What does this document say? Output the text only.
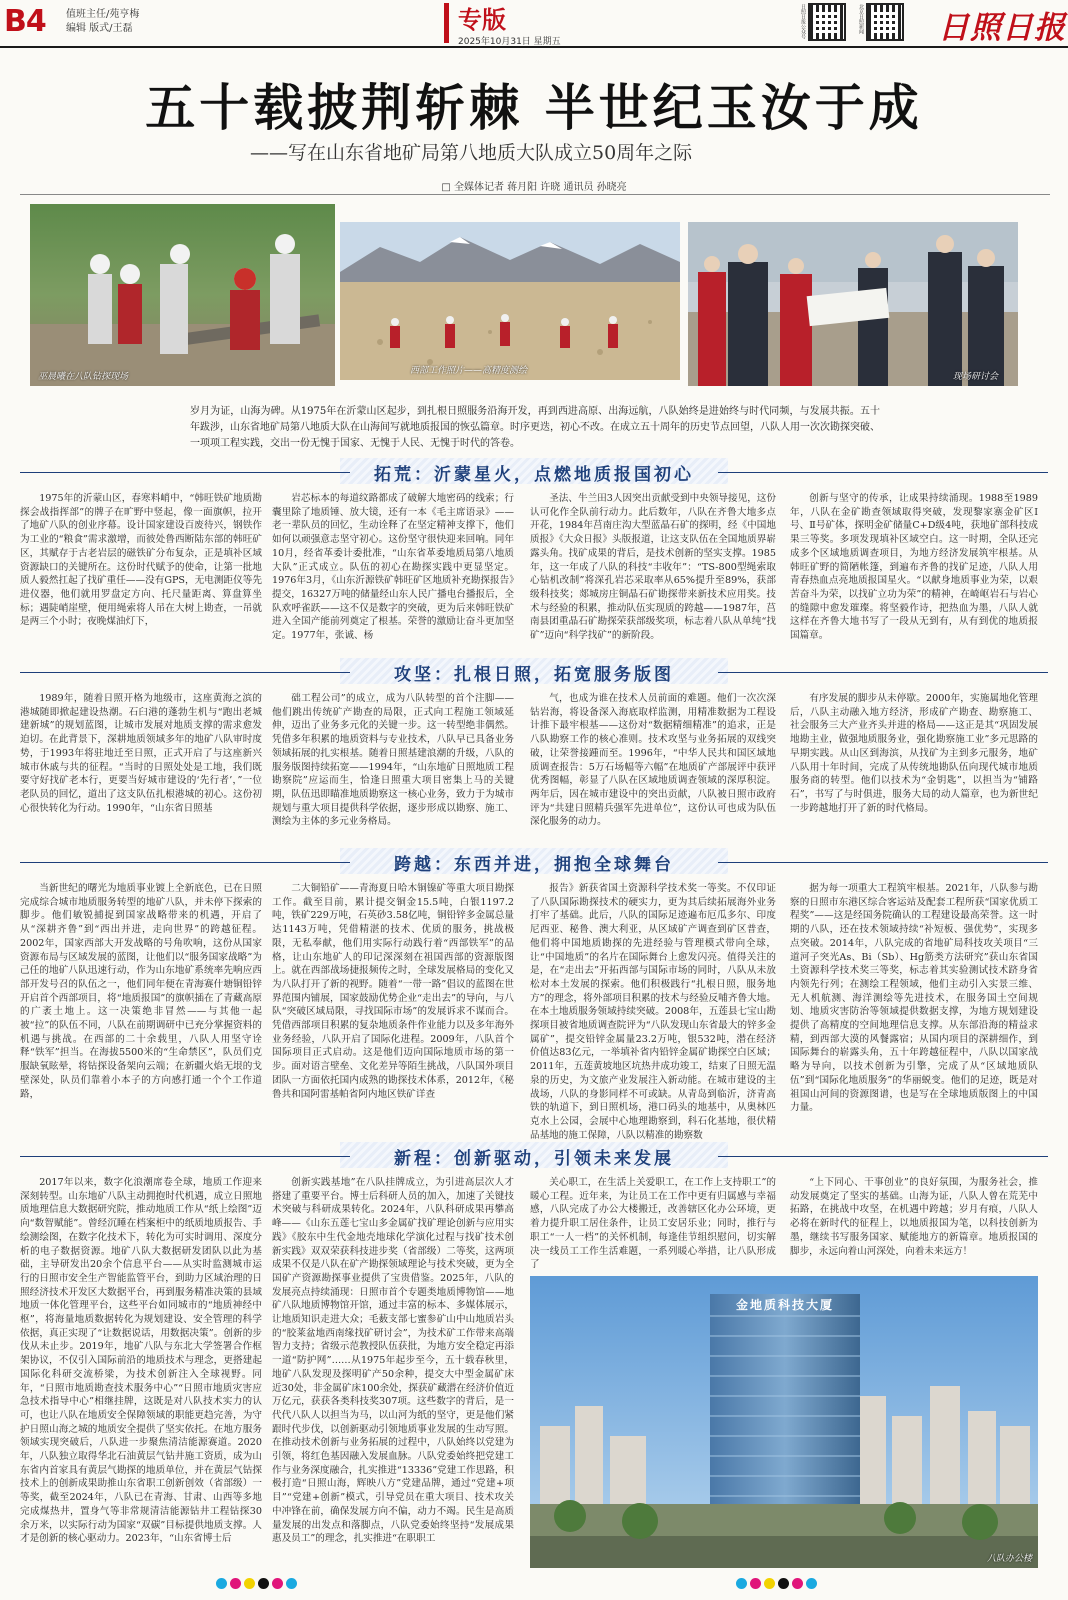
B4 值班主任/苑亨梅
编辑 版式/王磊	专版
2025年10月31日 星期五
日照日报公众号	北京日照新闻 日照日报
五十载披荆斩棘 半世纪玉汝于成
——写在山东省地矿局第八地质大队成立50周年之际
□ 全媒体记者 蒋月阳 许晓 通讯员 孙晓亮
巫晨曦在八队钻探现场
西部工作照片——高精度测绘
现场研讨会
岁月为证，山海为碑。从1975年在沂蒙山区起步，到扎根日照服务沿海开发，再到西进高原、出海远航，八队始终是进始终与时代同频，与发展共振。五十年跋涉，山东省地矿局第八地质大队在山海间写就地质报国的恢弘篇章。时序更迭，初心不改。在成立五十周年的历史节点回望，八队人用一次次勘探突破、一项项工程实践，交出一份无愧于国家、无愧于人民、无愧于时代的答卷。
拓荒：沂蒙星火，点燃地质报国初心

1975年的沂蒙山区，春寒料峭中，“韩旺铁矿地质勘探会战指挥部”的牌子在旷野中竖起，像一面旗帜，拉开了地矿八队的创业序幕。设计国家建设百废待兴，钢铁作为工业的“粮食”需求激增，而彼处鲁西断陆东部的韩旺矿区，其赋存于古老岩层的磁铁矿分布复杂，正是填补区域资源缺口的关键所在。这份时代赋予的使命，让第一批地质人毅然扛起了找矿重任——没有GPS，无电测距仪等先进仪器，他们就用罗盘定方向、托尺量距离、算盘算坐标；遇陡峭崖壁，便用绳索将人吊在大树上勘查，一吊就是两三个小时；夜晚煤油灯下，

岩芯标本的每道纹路都成了破解大地密码的线索；行囊里除了地质锤、放大镜，还有一本《毛主席语录》——老一辈队员的回忆，生动诠释了在坚定精神支撑下，他们如何以顽强意志坚守初心。这份坚守很快迎来回响。同年10月，经省革委计委批准，“山东省革委地质局第八地质大队”正式成立。队伍的初心在勘探实践中更显坚定。1976年3月，《山东沂源铁矿韩旺矿区地质补充勘探报告》提交，16327万吨的储量经山东人民广播电台播报后，全队欢呼雀跃——这不仅是数字的突破，更为后来韩旺铁矿进入全国产能前列奠定了根基。荣誉的激励让奋斗更加坚定。1977年，张诚、杨

圣法、牛兰田3人因突出贡献受到中央领导接见，这份认可化作全队前行动力。此后数年，八队在齐鲁大地多点开花，1984年莒南庄沟大型蓝晶石矿的探明，经《中国地质报》《大众日报》头版报道，让这支队伍在全国地质界崭露头角。找矿成果的背后，是技术创新的坚实支撑。1985年，这一年成了八队的科技“丰收年”：“TS-800型绳索取心钻机改制”将深孔岩芯采取率从65%提升至89%，获部级科技奖；郯城房庄铜晶石矿勘探带来新技术应用奖。技术与经验的积累，推动队伍实现质的跨越——1987年，莒南县团重晶石矿勘探荣获部级奖项，标志着八队从单纯“找矿”迈向“科学找矿”的新阶段。

创新与坚守的传承，让成果持续涌现。1988至1989年，八队在金矿勘查领域取得突破，发现黎家寨金矿区Ⅰ号、Ⅱ号矿体，探明金矿储量C+D级4吨，获地矿部科技成果三等奖。多项发现填补区域空白。这一时期，全队还完成多个区域地质调查项目，为地方经济发展筑牢根基。从韩旺矿野的简陋帐篷，到遍布齐鲁的找矿足迹，八队人用青春热血点亮地质报国星火。“以献身地质事业为荣，以艰苦奋斗为荣，以找矿立功为荣”的精神，在崎岖岩石与岩心的缝隙中愈发璀璨。将坚毅作诗，把热血为墨，八队人就这样在齐鲁大地书写了一段从无到有，从有到优的地质报国篇章。

攻坚：扎根日照，拓宽服务版图

1989年，随着日照开格为地级市，这座黄海之滨的港城随即掀起建设热潮。石臼港的蓬勃生机与“跑出老城建新城”的规划蓝图，让城市发展对地质支撑的需求愈发迫切。在此背景下，深耕地质领域多年的地矿八队审时度势，于1993年将驻地迁至日照，正式开启了与这座新兴城市休戚与共的征程。“当时的日照处处是工地，我们既要守好找矿老本行，更要当好城市建设的‘先行者’，”一位老队员的回忆，道出了这支队伍扎根港城的初心。这份初心很快转化为行动。1990年，“山东省日照基

础工程公司”的成立，成为八队转型的首个注脚——他们跳出传统矿产勘查的局限，正式向工程施工领域延伸，迈出了业务多元化的关键一步。这一转型绝非偶然。凭借多年积累的地质资料与专业技术，八队早已具备业务领域拓展的扎实根基。随着日照基建浪潮的升级，八队的服务版图持续拓宽——1994年，“山东地矿日照地质工程勘察院”应运而生，恰逢日照重大项目密集上马的关键期，队伍迅即瞄准地质勘察这一核心业务，致力于为城市规划与重大项目提供科学依据，逐步形成以勘察、施工、测绘为主体的多元业务格局。

气，也成为谁在技术人员前面的难题。他们一次次深钻岩海，将设备深入海底取样监测，用精准数据为工程设计推下最牢根基——这份对“数据精细精准”的追求，正是八队勘察工作的核心准则。技术攻坚与业务拓展的双线突破，让荣誉接踵而至。1996年，“中华人民共和国区域地质调查报告：5万石场幅等六幅”在地质矿产部展评中获评优秀图幅，彰显了八队在区域地质调查领域的深厚积淀。两年后，因在城市建设中的突出贡献，八队被日照市政府评为“共建日照精兵强军先进单位”，这份认可也成为队伍深化服务的动力。

有序发展的脚步从未停歇。2000年，实施属地化管理后，八队主动融入地方经济，形成矿产勘查、勘察施工、社会服务三大产业齐头并进的格局——这正是其“巩固发展地勘主业，做强地质服务业，强化勘察施工业”多元思路的早期实践。从山区到海滨，从找矿为主到多元服务，地矿八队用十年时间，完成了从传统地勘队伍向现代城市地质服务商的转型。他们以技术为“金钥匙”，以担当为“铺路石”，书写了与时俱进，服务大局的动人篇章，也为新世纪一步跨越地打开了新的时代格局。

跨越：东西并进，拥抱全球舞台

当新世纪的曙光为地质事业镀上全新底色，已在日照完成综合城市地质服务转型的地矿八队，并未停下探索的脚步。他们敏锐捕捉到国家战略带来的机遇，开启了从“深耕齐鲁”到“西出并进，走向世界”的跨越征程。2002年，国家西部大开发战略的号角吹响，这份从国家资源布局与区域发展的蓝图，让他们以“服务国家战略”为己任的地矿八队迅速行动，作为山东地矿系统率先响应西部开发号召的队伍之一，他们同年便在青海赛什塘铜铅锌开启首个西部项目，将“地质报国”的旗帜插在了青藏高原的广袤土地上。这一决策绝非冒然——与其他一起被“拉”的队伍不同，八队在前期调研中已充分掌握资料的机遇与挑战。在西部的二十余载里，八队人用坚守诠释“铁军”担当。在海拔5500米的“生命禁区”，队员们克服缺氧眩晕，将钻探设备架向云端；在新疆火焰无垠的戈壁深处，队员们靠着小本子的方向感打通一个个工作道路，

二大铜铅矿——青海夏日哈木铜镍矿等重大项目勘探工作。截至目前，累计提交铜金15.5吨，白银1197.2吨，铁矿229万吨，石英砂3.58亿吨，铜铅锌多金属总量达1143万吨，凭借精湛的技术、优质的服务，挑战极限，无私奉献，他们用实际行动践行着“西部铁军”的品格，让山东地矿人的印记深深刻在祖国西部的资源版图上。就在西部战场捷报频传之时，全球发展格局的变化又为八队打开了新的视野。随着“一带一路”倡议的蓝图在世界范围内铺展，国家鼓励优势企业“走出去”的导向，与八队“突破区域局限，寻找国际市场”的发展诉求不谋而合。凭借西部项目积累的复杂地质条件作业能力以及多年海外业务经验，八队开启了国际化进程。2009年，八队首个国际项目正式启动。这是他们迈向国际地质市场的第一步。面对语言壁垒、文化差异等陌生挑战，八队国外项目团队一方面依托国内成熟的勘探技术体系，2012年，《秘鲁共和国阿雷基帕省阿内地区铁矿详查

报告》新获省国土资源科学技术奖一等奖。不仅印证了八队国际勘探技术的硬实力，更为其后续拓展海外业务打牢了基础。此后，八队的国际足迹遍布厄瓜多尔、印度尼西亚、秘鲁、澳大利亚，从区域矿产调查到矿区普查，他们将中国地质勘探的先进经验与管理模式带向全球，让“中国地质”的名片在国际舞台上愈发闪亮。值得关注的是，在“走出去”开拓西部与国际市场的同时，八队从未放松对本土发展的探索。他们积极践行“扎根日照，服务地方”的理念，将外部项目积累的技术与经验反哺齐鲁大地。在本土地质服务领域持续突破。2008年，五莲县七宝山勘探项目被省地质调查院评为“八队发现山东省最大的锌多金属矿”，提交铅锌金属量23.2万吨，银532吨，潜在经济价值达83亿元，一举填补省内铅锌金属矿勘探空白区域；2011年，五莲黄坡地区坑热井成功竣工，结束了日照无温泉的历史，为文旅产业发展注入新动能。在城市建设的主战场，八队的身影同样不可或缺。从青岛到临沂，济青高铁的轨道下，到日照机场，港口码头的地基中，从奥林匹克水上公园，会展中心地理勘察到，科石化基地，很伏精品基地的施工保障，八队以精准的勘察数

据为每一项重大工程筑牢根基。2021年，八队参与勘察的日照市东港区综合客运站及配套工程所获“国家优质工程奖”——这是经国务院确认的工程建设最高荣誉。这一时期的八队，还在技术领域持续“补短板、强优势”，实现多点突破。2014年，八队完成的省地矿局科技攻关项目“三道河子突光As、Bi（Sb）、Hg筋类方法研究”获山东省国土资源科学技术奖三等奖，标志着其实验测试技术跻身省内领先行列；在测绘工程领域，他们主动引入实景三维、无人机航测、海洋测绘等先进技术，在服务国土空间规划、地质灾害防治等领域提供数据支撑，为地方规划建设提供了高精度的空间地理信息支撑。从东部沿海的精益求精，到西部大漠的风餐露宿；从国内项目的深耕细作，到国际舞台的崭露头角，五十年跨越征程中，八队以国家战略为导向，以技术创新为引擎，完成了从“区域地质队伍”到“国际化地质服务”的华丽蜕变。他们的足迹，既是对祖国山河间的资源图谱，也是写在全球地质版图上的中国力量。

新程：创新驱动，引领未来发展

2017年以来，数字化浪潮席卷全球，地质工作迎来深刻转型。山东地矿八队主动拥抱时代机遇，成立日照地质地理信息大数据研究院，推动地质工作从“纸上绘图”迈向“数智赋能”。曾经沉睡在档案柜中的纸质地质报告、手绘测绘图，在数字化技术下，转化为可实时调用、深度分析的电子数据资源。地矿八队大数据研发团队以此为基础，主导研发出20余个信息平台——从实时监测城市运行的日照市安全生产智能监管平台，到助力区域治理的日照经济技术开发区大数据平台，再到服务精准决策的县域地质一体化管理平台，这些平台如同城市的“地质神经中枢”，将海量地质数据转化为规划建设、安全管理的科学依据，真正实现了“让数据说话，用数据决策”。创新的步伐从未止步。2019年，地矿八队与东北大学签署合作框架协议，不仅引入国际前沿的地质技术与理念，更搭建起国际化科研交流桥梁，为技术创新注入全球视野。同年，“日照市地质勘查技术服务中心”“日照市地质灾害应急技术指导中心”相继挂牌，这既是对八队技术实力的认可，也让八队在地质安全保障领域的职能更趋完善，为守护日照山海之城的地质安全提供了坚实依托。在地方服务领域实现突破后，八队进一步聚焦清洁能源赛道。2020年，八队独立取得华北石油黄层气钻井施工资质，成为山东省内首家具有黄层气勘探的地质单位，并在黄层气钻探技术上的创新成果助推山东省职工创新创效（省部级）一等奖，截至2024年，八队已在青海、甘肃、山西等多地完成煤热井，置身气等非常规清洁能源钻井工程钻探30余万米，以实际行动为国家“双碳”目标提供地质支撑。人才是创新的核心驱动力。2023年，“山东省博士后

创新实践基地”在八队挂牌成立，为引进高层次人才搭建了重要平台。博士后科研人员的加入，加速了关键技术突破与科研成果转化。2024年，八队科研成果再攀高峰——《山东五莲七宝山多金属矿找矿理论创新与应用实践》《胶东中生代金地壳地球化学演化过程与找矿技术创新实践》双双荣获科技进步奖（省部级）二等奖，这两项成果不仅是八队在矿产勘探领域理论与技术突破，更为全国矿产资源勘探事业提供了宝贵借鉴。2025年，八队的发展亮点持续涌现：日照市首个专题类地质博物馆——地矿八队地质博物馆开馆，通过丰富的标本、多媒体展示，让地质知识走进大众；毛薮支部七蜜参矿山中山地质岩头的“胶莱盆地西南缘找矿研讨会”，为技术矿工作带来高端智力支持；省级示范教授队伍获批，为地方安全稳定再添一道“防护网”……从1975年起步至今，五十载春秋里，地矿八队发现及探明矿产50余种，提交大中型金属矿床近30处，非金属矿床100余处，探获矿藏潜在经济价值近万亿元，获获各类科技奖307项。这些数字的背后，是一代代八队人以担当为马，以山河为纸的坚守，更是他们紧跟时代步伐，以创新驱动引领地质事业发展的生动写照。在推动技术创新与业务拓展的过程中，八队始终以党建为引领，将红色基因融入发展血脉。八队党委始终把党建工作与业务深度融合，扎实推进“13336”党建工作思路，积极打造“日照山海，辉映八方”党建品牌，通过“党建+项目”“党建+创新”模式，引导党员在重大项目、技术攻关中冲锋在前，确保发展方向不偏，动力不竭。民生是高质量发展的出发点和落脚点，八队党委始终坚持“发展成果惠及员工”的理念，扎实推进“在职职工

关心职工，在生活上关爱职工，在工作上支持职工”的暖心工程。近年来，为让员工在工作中更有归属感与幸福感，八队完成了办公大楼搬迁，改善辖区化办公环境，更着力提升职工居住条件，让员工安居乐业；同时，推行与职工“一人一档”的关怀机制，每逢佳节组织慰问，切实解决一线员工工作生活难题，一系列暖心举措，让八队形成了

“上下同心、干事创业”的良好氛围，为服务社会，推动发展奠定了坚实的基础。山海为证，八队人曾在荒芜中拓路，在挑战中攻坚，在机遇中跨越；岁月有痕，八队人必将在新时代的征程上，以地质报国为笔，以科技创新为墨，继续书写服务国家、赋能地方的新篇章。地质报国的脚步，永远向着山河深处，向着未来远方！

金地质科技大厦
八队办公楼
